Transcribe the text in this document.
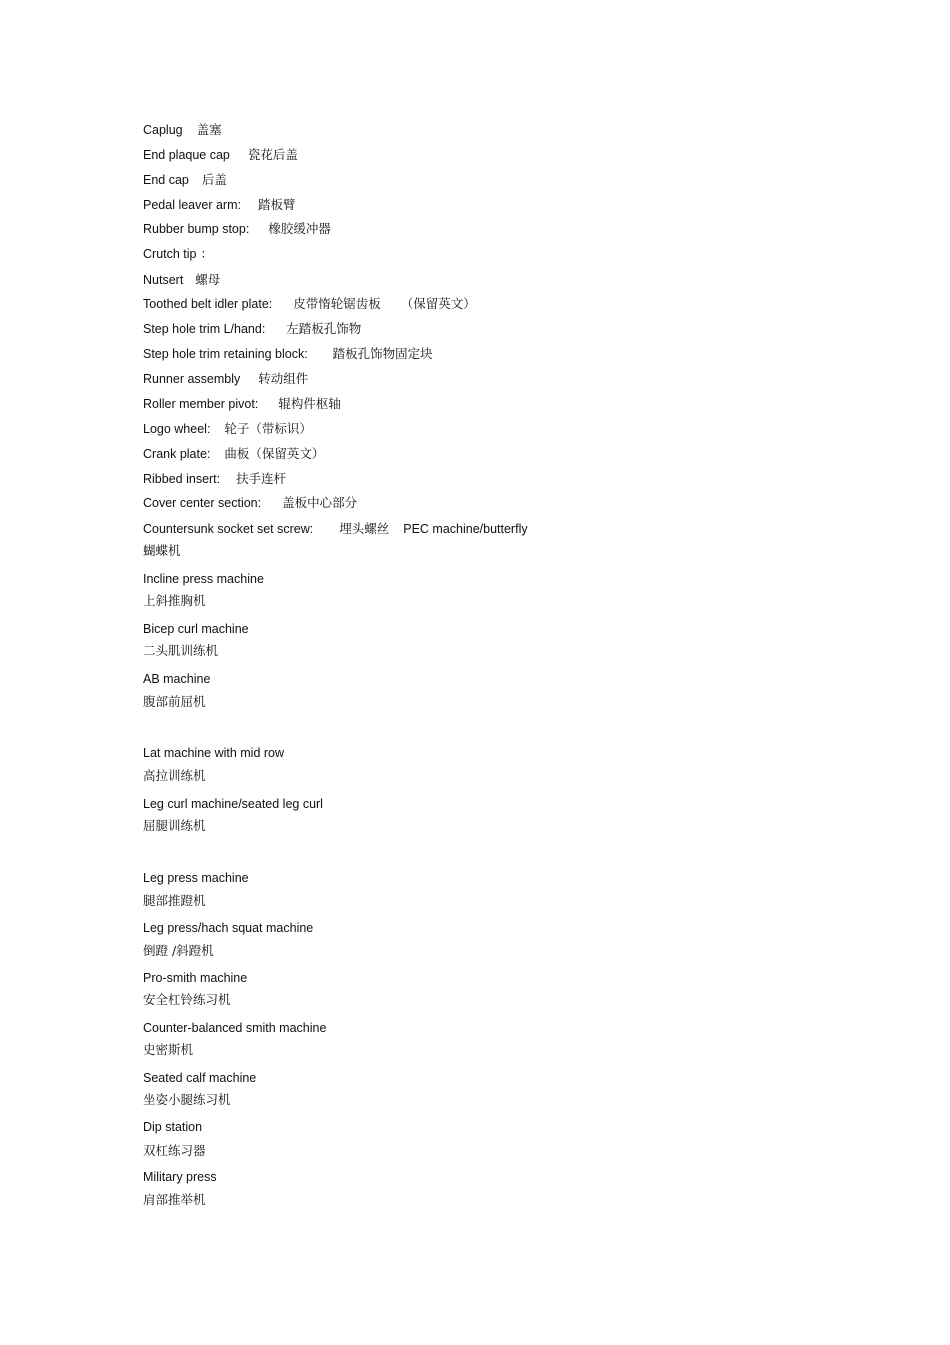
Caplug 盖塞

End plaque cap 瓷花后盖

End cap 后盖

Pedal leaver arm: 踏板臂

Rubber bump stop: 橡胶缓冲器

Crutch tip ：

Nutsert 螺母

Toothed belt idler plate: 皮带惰轮锯齿板 （保留英文）

Step hole trim L/hand: 左踏板孔饰物

Step hole trim retaining block: 踏板孔饰物固定块

Runner assembly 转动组件

Roller member pivot: 辊构件枢轴

Logo wheel: 轮子（带标识）

Crank plate: 曲板（保留英文）

Ribbed insert: 扶手连杆

Cover center section: 盖板中心部分

Countersunk socket set screw: 埋头螺丝 PEC machine/butterfly

蝴蝶机

Incline press machine

上斜推胸机

Bicep curl machine

二头肌训练机

AB machine

腹部前屈机

Lat machine with mid row

高拉训练机

Leg curl machine/seated leg curl

屈腿训练机

Leg press machine

腿部推蹬机

Leg press/hach squat machine

倒蹬 /斜蹬机

Pro-smith machine

安全杠铃练习机

Counter-balanced smith machine

史密斯机

Seated calf machine

坐姿小腿练习机

Dip station

双杠练习器

Military press

肩部推举机
